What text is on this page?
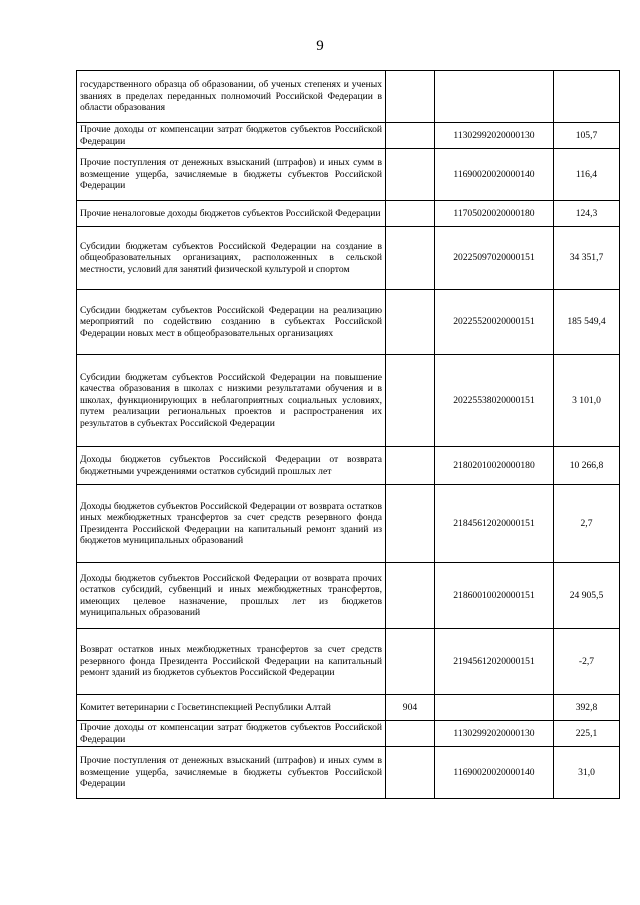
9
государственного образца об образовании, об ученых степенях и ученых званиях в пределах переданных полномочий Российской Федерации в области образования			
Прочие доходы от компенсации затрат бюджетов субъектов Российской Федерации		11302992020000130	105,7
Прочие поступления от денежных взысканий (штрафов) и иных сумм в возмещение ущерба, зачисляемые в бюджеты субъектов Российской Федерации		11690020020000140	116,4
Прочие неналоговые доходы бюджетов субъектов Российской Федерации		11705020020000180	124,3
Субсидии бюджетам субъектов Российской Федерации на создание в общеобразовательных организациях, расположенных в сельской местности, условий для занятий физической культурой и спортом		20225097020000151	34 351,7
Субсидии бюджетам субъектов Российской Федерации на реализацию мероприятий по содействию созданию в субъектах Российской Федерации новых мест в общеобразовательных организациях		20225520020000151	185 549,4
Субсидии бюджетам субъектов Российской Федерации на повышение качества образования в школах с низкими результатами обучения и в школах, функционирующих в неблагоприятных социальных условиях, путем реализации региональных проектов и распространения их результатов в субъектах Российской Федерации		20225538020000151	3 101,0
Доходы бюджетов субъектов Российской Федерации от возврата бюджетными учреждениями остатков субсидий прошлых лет		21802010020000180	10 266,8
Доходы бюджетов субъектов Российской Федерации от возврата остатков иных межбюджетных трансфертов за счет средств резервного фонда Президента Российской Федерации на капитальный ремонт зданий из бюджетов муниципальных образований		21845612020000151	2,7
Доходы бюджетов субъектов Российской Федерации от возврата прочих остатков субсидий, субвенций и иных межбюджетных трансфертов, имеющих целевое назначение, прошлых лет из бюджетов муниципальных образований		21860010020000151	24 905,5
Возврат остатков иных межбюджетных трансфертов за счет средств резервного фонда Президента Российской Федерации на капитальный ремонт зданий из бюджетов субъектов Российской Федерации		21945612020000151	-2,7
Комитет ветеринарии с Госветинспекцией Республики Алтай	904		392,8
Прочие доходы от компенсации затрат бюджетов субъектов Российской Федерации		11302992020000130	225,1
Прочие поступления от денежных взысканий (штрафов) и иных сумм в возмещение ущерба, зачисляемые в бюджеты субъектов Российской Федерации		11690020020000140	31,0
